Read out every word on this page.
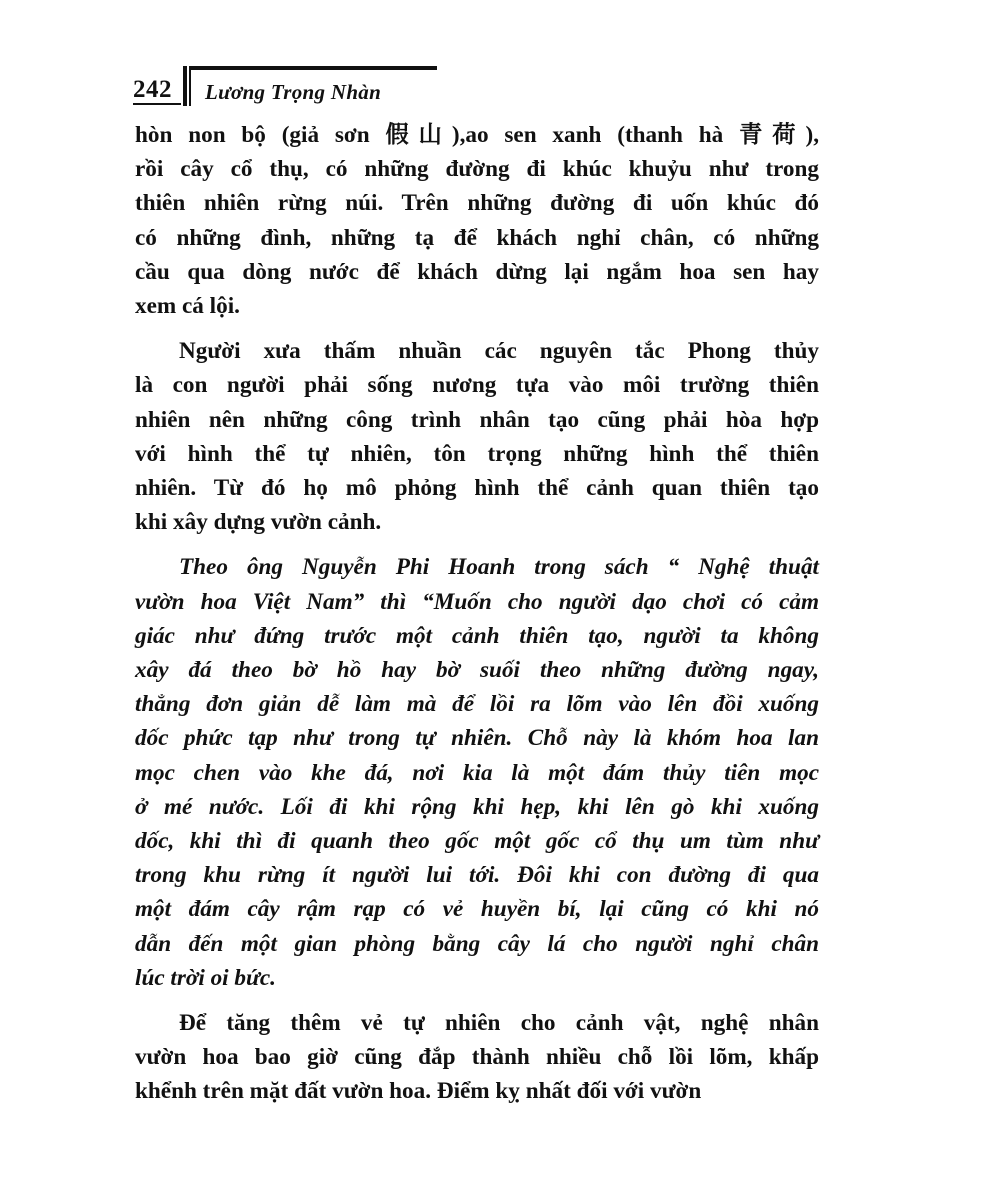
242 Lương Trọng Nhàn

hòn non bộ (giả sơn 假山),ao sen xanh (thanh hà 青荷),
rồi cây cổ thụ, có những đường đi khúc khuỷu như trong
thiên nhiên rừng núi. Trên những đường đi uốn khúc đó
có những đình, những tạ để khách nghỉ chân, có những
cầu qua dòng nước để khách dừng lại ngắm hoa sen hay
xem cá lội.

Người xưa thấm nhuần các nguyên tắc Phong thủy
là con người phải sống nương tựa vào môi trường thiên
nhiên nên những công trình nhân tạo cũng phải hòa hợp
với hình thể tự nhiên, tôn trọng những hình thể thiên
nhiên. Từ đó họ mô phỏng hình thể cảnh quan thiên tạo
khi xây dựng vườn cảnh.

Theo ông Nguyễn Phi Hoanh trong sách “ Nghệ thuật
vườn hoa Việt Nam” thì “Muốn cho người dạo chơi có cảm
giác như đứng trước một cảnh thiên tạo, người ta không
xây đá theo bờ hồ hay bờ suối theo những đường ngay,
thẳng đơn giản dễ làm mà để lồi ra lõm vào lên đồi xuống
dốc phức tạp như trong tự nhiên. Chỗ này là khóm hoa lan
mọc chen vào khe đá, nơi kia là một đám thủy tiên mọc
ở mé nước. Lối đi khi rộng khi hẹp, khi lên gò khi xuống
dốc, khi thì đi quanh theo gốc một gốc cổ thụ um tùm như
trong khu rừng ít người lui tới. Đôi khi con đường đi qua
một đám cây rậm rạp có vẻ huyền bí, lại cũng có khi nó
dẫn đến một gian phòng bằng cây lá cho người nghỉ chân
lúc trời oi bức.

Để tăng thêm vẻ tự nhiên cho cảnh vật, nghệ nhân
vườn hoa bao giờ cũng đắp thành nhiều chỗ lồi lõm, khấp
khểnh trên mặt đất vườn hoa. Điểm kỵ nhất đối với vườn
